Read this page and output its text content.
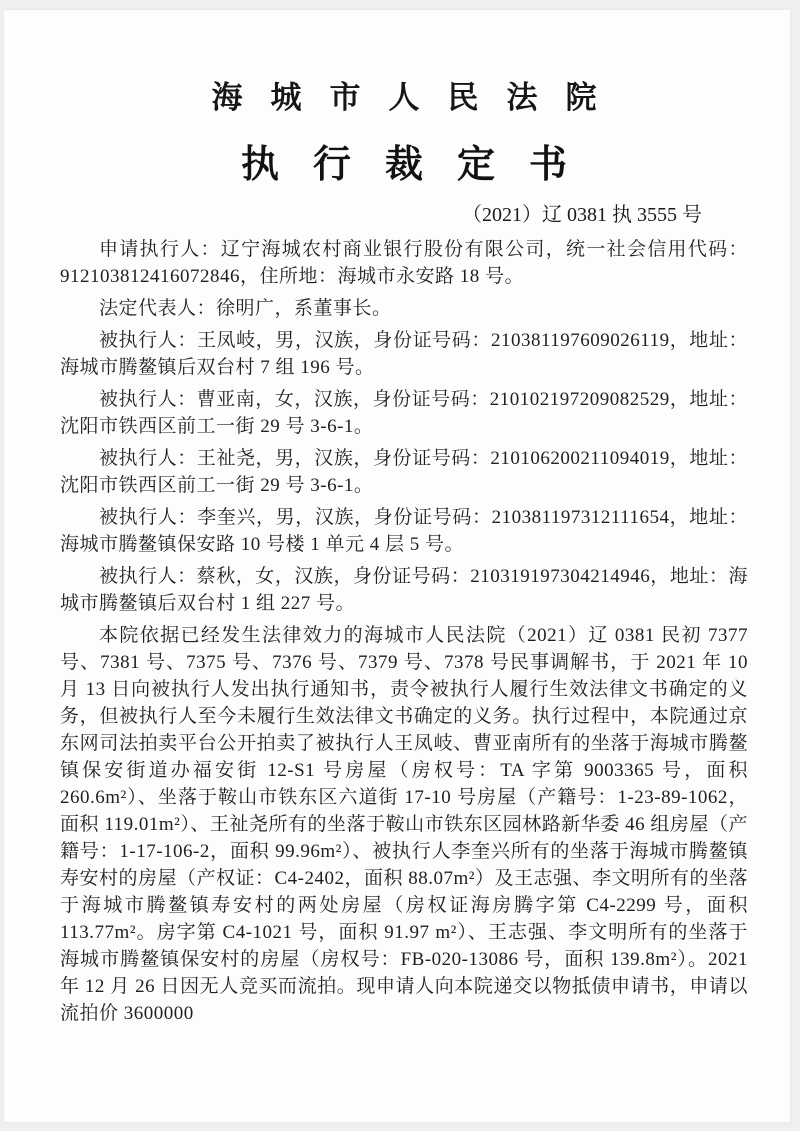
海城市人民法院
执行裁定书
（2021）辽 0381 执 3555 号

申请执行人：辽宁海城农村商业银行股份有限公司，统一社会信用代码：912103812416072846，住所地：海城市永安路 18 号。

法定代表人：徐明广，系董事长。

被执行人：王凤岐，男，汉族，身份证号码：210381197609026119，地址：海城市腾鳌镇后双台村 7 组 196 号。

被执行人：曹亚南，女，汉族，身份证号码：210102197209082529，地址：沈阳市铁西区前工一街 29 号 3-6-1。

被执行人：王祉尧，男，汉族，身份证号码：210106200211094019，地址：沈阳市铁西区前工一街 29 号 3-6-1。

被执行人：李奎兴，男，汉族，身份证号码：210381197312111654，地址：海城市腾鳌镇保安路 10 号楼 1 单元 4 层 5 号。

被执行人：蔡秋，女，汉族，身份证号码：210319197304214946，地址：海城市腾鳌镇后双台村 1 组 227 号。

本院依据已经发生法律效力的海城市人民法院（2021）辽 0381 民初 7377 号、7381 号、7375 号、7376 号、7379 号、7378 号民事调解书，于 2021 年 10 月 13 日向被执行人发出执行通知书，责令被执行人履行生效法律文书确定的义务，但被执行人至今未履行生效法律文书确定的义务。执行过程中，本院通过京东网司法拍卖平台公开拍卖了被执行人王凤岐、曹亚南所有的坐落于海城市腾鳌镇保安街道办福安街 12-S1 号房屋（房权号：TA 字第 9003365 号，面积 260.6m²）、坐落于鞍山市铁东区六道街 17-10 号房屋（产籍号：1-23-89-1062，面积 119.01m²）、王祉尧所有的坐落于鞍山市铁东区园林路新华委 46 组房屋（产籍号：1-17-106-2，面积 99.96m²）、被执行人李奎兴所有的坐落于海城市腾鳌镇寿安村的房屋（产权证：C4-2402，面积 88.07m²）及王志强、李文明所有的坐落于海城市腾鳌镇寿安村的两处房屋（房权证海房腾字第 C4-2299 号，面积 113.77m²。房字第 C4-1021 号，面积 91.97 m²）、王志强、李文明所有的坐落于海城市腾鳌镇保安村的房屋（房权号：FB-020-13086 号，面积 139.8m²）。2021 年 12 月 26 日因无人竞买而流拍。现申请人向本院递交以物抵债申请书，申请以流拍价 3600000
